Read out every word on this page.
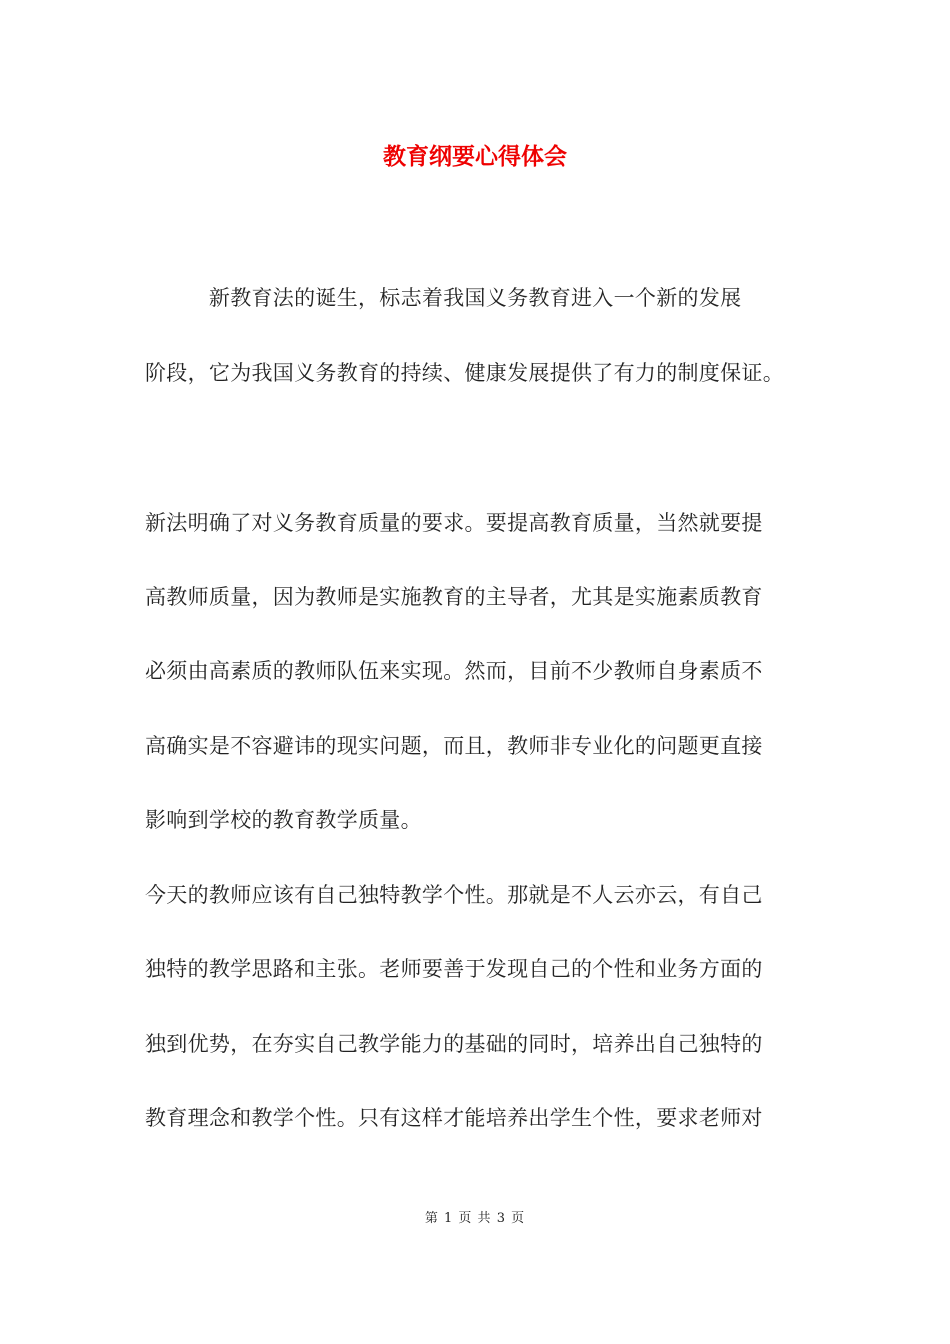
教育纲要心得体会
　　　新教育法的诞生，标志着我国义务教育进入一个新的发展
阶段，它为我国义务教育的持续、健康发展提供了有力的制度保证。
新法明确了对义务教育质量的要求。要提高教育质量，当然就要提
高教师质量，因为教师是实施教育的主导者，尤其是实施素质教育
必须由高素质的教师队伍来实现。然而，目前不少教师自身素质不
高确实是不容避讳的现实问题，而且，教师非专业化的问题更直接
影响到学校的教育教学质量。
今天的教师应该有自己独特教学个性。那就是不人云亦云，有自己
独特的教学思路和主张。老师要善于发现自己的个性和业务方面的
独到优势，在夯实自己教学能力的基础的同时，培养出自己独特的
教育理念和教学个性。只有这样才能培养出学生个性，要求老师对
第 1 页 共 3 页
